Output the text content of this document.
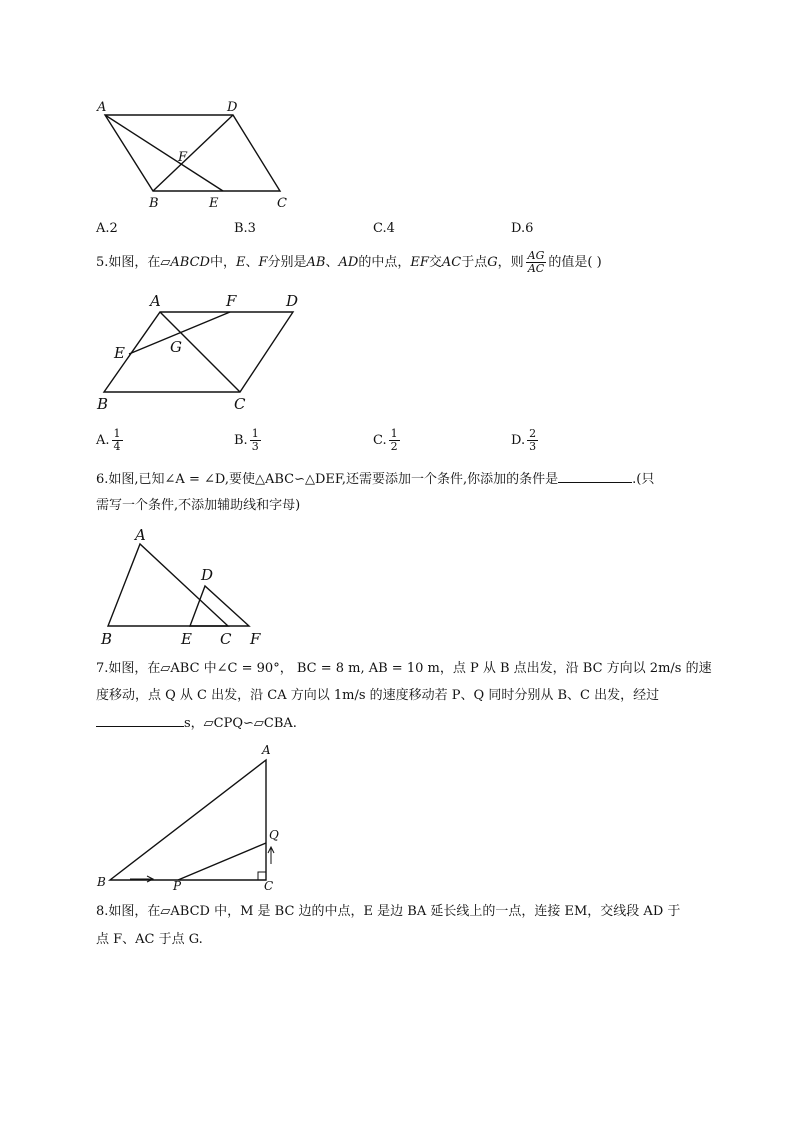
A	D
F
B	E	C
A.2	B.3	C.4	D.6
5.如图，在▱ABCD中，E、F分别是AB、AD的中点，EF交AC于点G，则 $\frac{AG}{AC}$ 的值是( )
A	F	D
E	G
B	C
A. $\frac{1}{4}$	B. $\frac{1}{3}$	C. $\frac{1}{2}$	D. $\frac{2}{3}$
6.如图,已知∠A = ∠D,要使△ABC∽△DEF,还需要添加一个条件,你添加的条件是	.(只
需写一个条件,不添加辅助线和字母)
A
D
B	E C F
7.如图，在▱ABC 中∠C = 90°， BC = 8 m, AB = 10 m，点 P 从 B 点出发，沿 BC 方向以 2m/s 的速
度移动，点 Q 从 C 出发，沿 CA 方向以 1m/s 的速度移动若 P、Q 同时分别从 B、C 出发，经过
s，▱CPQ∽▱CBA.
A
Q
B	P	C
8.如图，在▱ABCD 中，M 是 BC 边的中点，E 是边 BA 延长线上的一点，连接 EM，交线段 AD 于
点 F、AC 于点 G.
